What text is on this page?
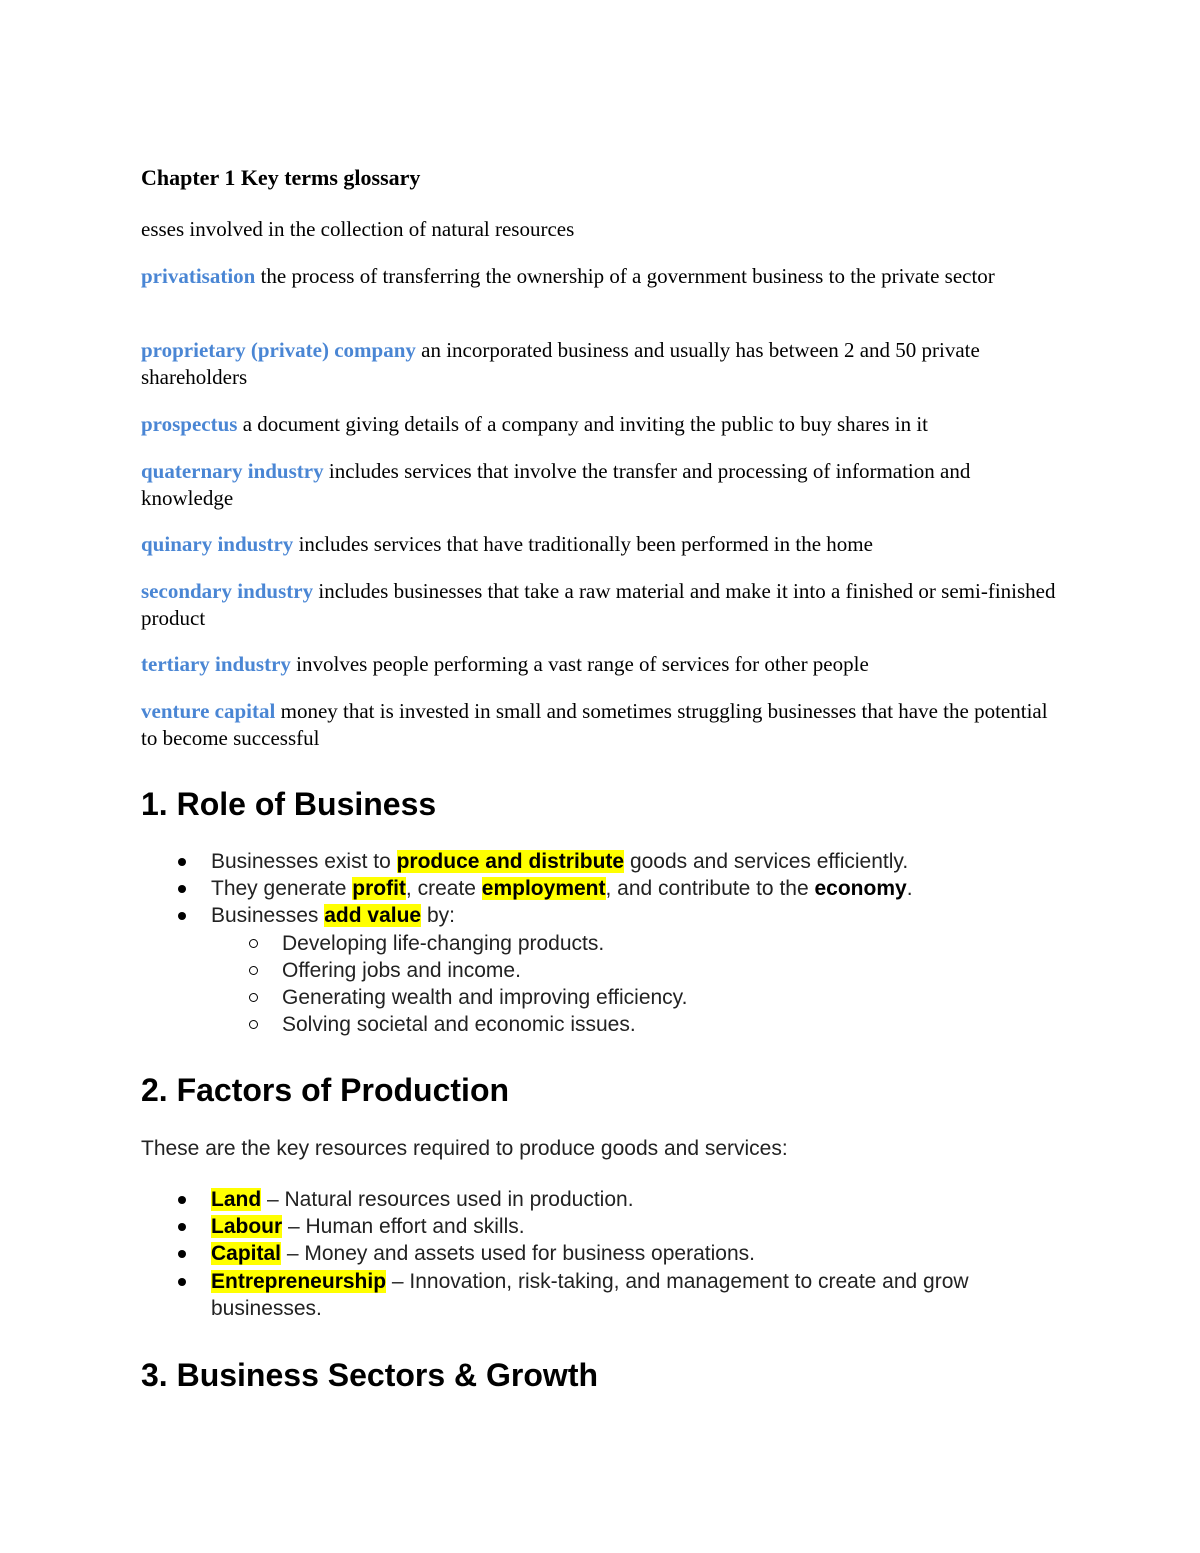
Chapter 1 Key terms glossary
esses involved in the collection of natural resources
privatisation the process of transferring the ownership of a government business to the private sector
proprietary (private) company an incorporated business and usually has between 2 and 50 private shareholders
prospectus a document giving details of a company and inviting the public to buy shares in it
quaternary industry includes services that involve the transfer and processing of information and knowledge
quinary industry includes services that have traditionally been performed in the home
secondary industry includes businesses that take a raw material and make it into a finished or semi-finished product
tertiary industry involves people performing a vast range of services for other people
venture capital money that is invested in small and sometimes struggling businesses that have the potential to become successful
1. Role of Business
Businesses exist to produce and distribute goods and services efficiently.
They generate profit, create employment, and contribute to the economy.
Businesses add value by:
Developing life-changing products.
Offering jobs and income.
Generating wealth and improving efficiency.
Solving societal and economic issues.
2. Factors of Production
These are the key resources required to produce goods and services:
Land – Natural resources used in production.
Labour – Human effort and skills.
Capital – Money and assets used for business operations.
Entrepreneurship – Innovation, risk-taking, and management to create and grow businesses.
3. Business Sectors & Growth
